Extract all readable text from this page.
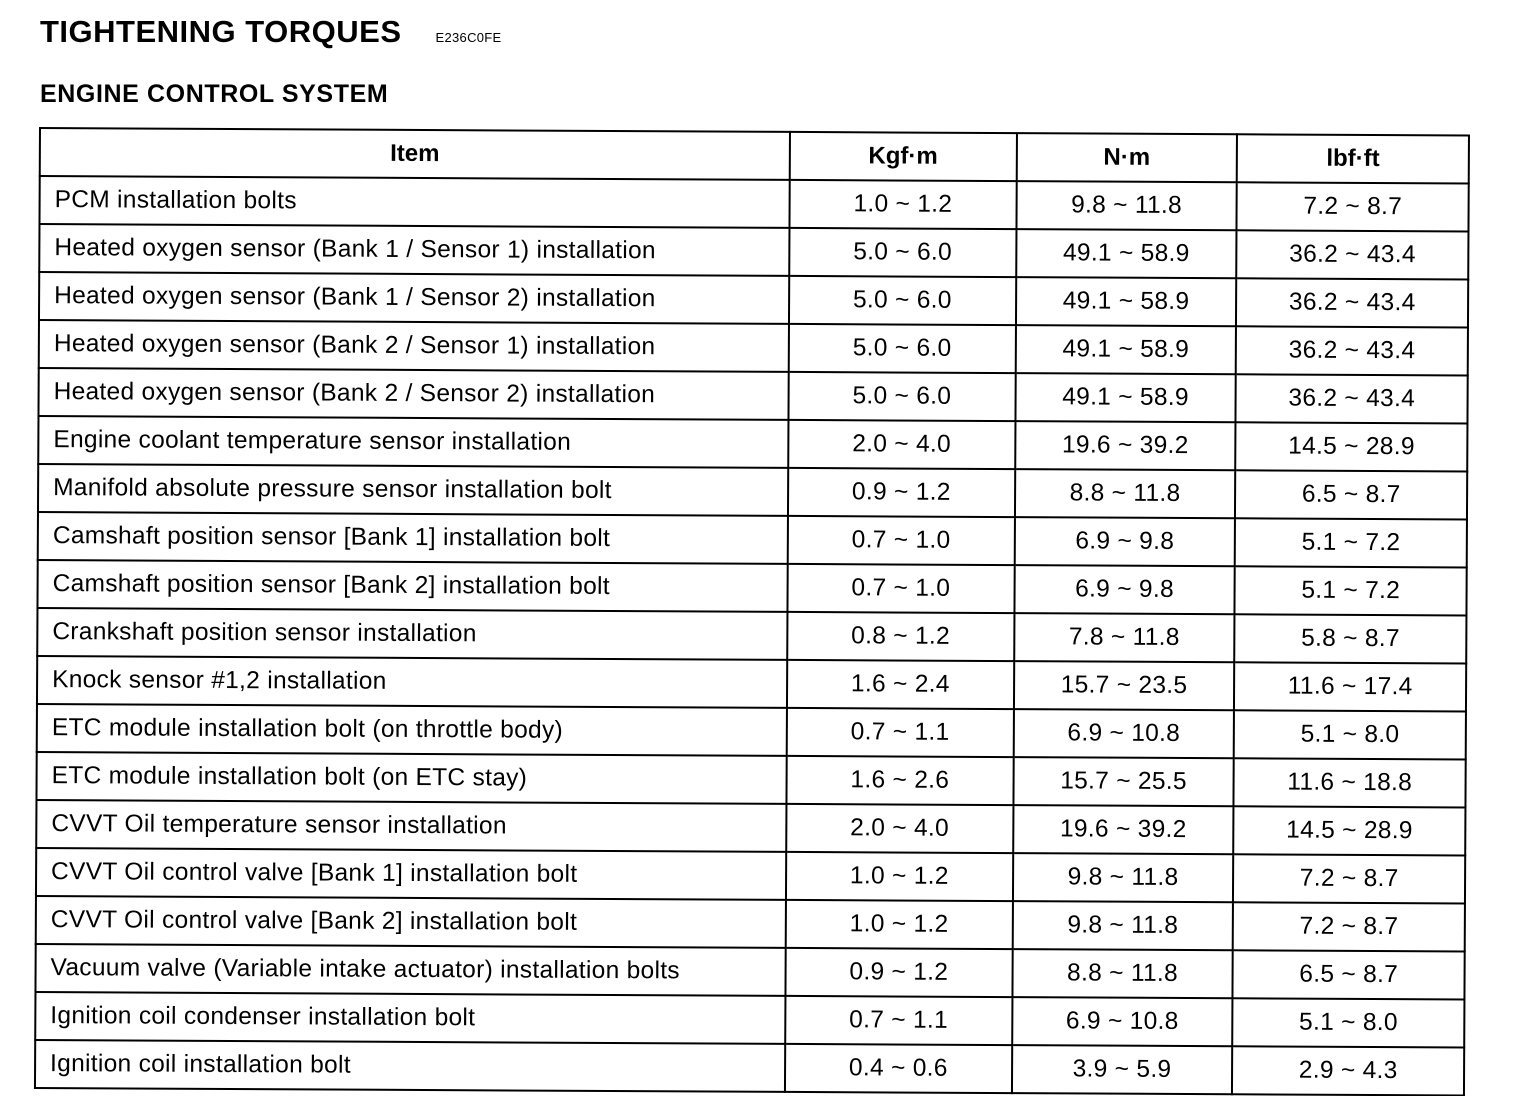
TIGHTENING TORQUES	E236C0FE
ENGINE CONTROL SYSTEM
Item	Kgf·m	N·m	lbf·ft
PCM installation bolts	1.0 ~ 1.2	9.8 ~ 11.8	7.2 ~ 8.7
Heated oxygen sensor (Bank 1 / Sensor 1) installation	5.0 ~ 6.0	49.1 ~ 58.9	36.2 ~ 43.4
Heated oxygen sensor (Bank 1 / Sensor 2) installation	5.0 ~ 6.0	49.1 ~ 58.9	36.2 ~ 43.4
Heated oxygen sensor (Bank 2 / Sensor 1) installation	5.0 ~ 6.0	49.1 ~ 58.9	36.2 ~ 43.4
Heated oxygen sensor (Bank 2 / Sensor 2) installation	5.0 ~ 6.0	49.1 ~ 58.9	36.2 ~ 43.4
Engine coolant temperature sensor installation	2.0 ~ 4.0	19.6 ~ 39.2	14.5 ~ 28.9
Manifold absolute pressure sensor installation bolt	0.9 ~ 1.2	8.8 ~ 11.8	6.5 ~ 8.7
Camshaft position sensor [Bank 1] installation bolt	0.7 ~ 1.0	6.9 ~ 9.8	5.1 ~ 7.2
Camshaft position sensor [Bank 2] installation bolt	0.7 ~ 1.0	6.9 ~ 9.8	5.1 ~ 7.2
Crankshaft position sensor installation	0.8 ~ 1.2	7.8 ~ 11.8	5.8 ~ 8.7
Knock sensor #1,2 installation	1.6 ~ 2.4	15.7 ~ 23.5	11.6 ~ 17.4
ETC module installation bolt (on throttle body)	0.7 ~ 1.1	6.9 ~ 10.8	5.1 ~ 8.0
ETC module installation bolt (on ETC stay)	1.6 ~ 2.6	15.7 ~ 25.5	11.6 ~ 18.8
CVVT Oil temperature sensor installation	2.0 ~ 4.0	19.6 ~ 39.2	14.5 ~ 28.9
CVVT Oil control valve [Bank 1] installation bolt	1.0 ~ 1.2	9.8 ~ 11.8	7.2 ~ 8.7
CVVT Oil control valve [Bank 2] installation bolt	1.0 ~ 1.2	9.8 ~ 11.8	7.2 ~ 8.7
Vacuum valve (Variable intake actuator) installation bolts	0.9 ~ 1.2	8.8 ~ 11.8	6.5 ~ 8.7
Ignition coil condenser installation bolt	0.7 ~ 1.1	6.9 ~ 10.8	5.1 ~ 8.0
Ignition coil installation bolt	0.4 ~ 0.6	3.9 ~ 5.9	2.9 ~ 4.3
